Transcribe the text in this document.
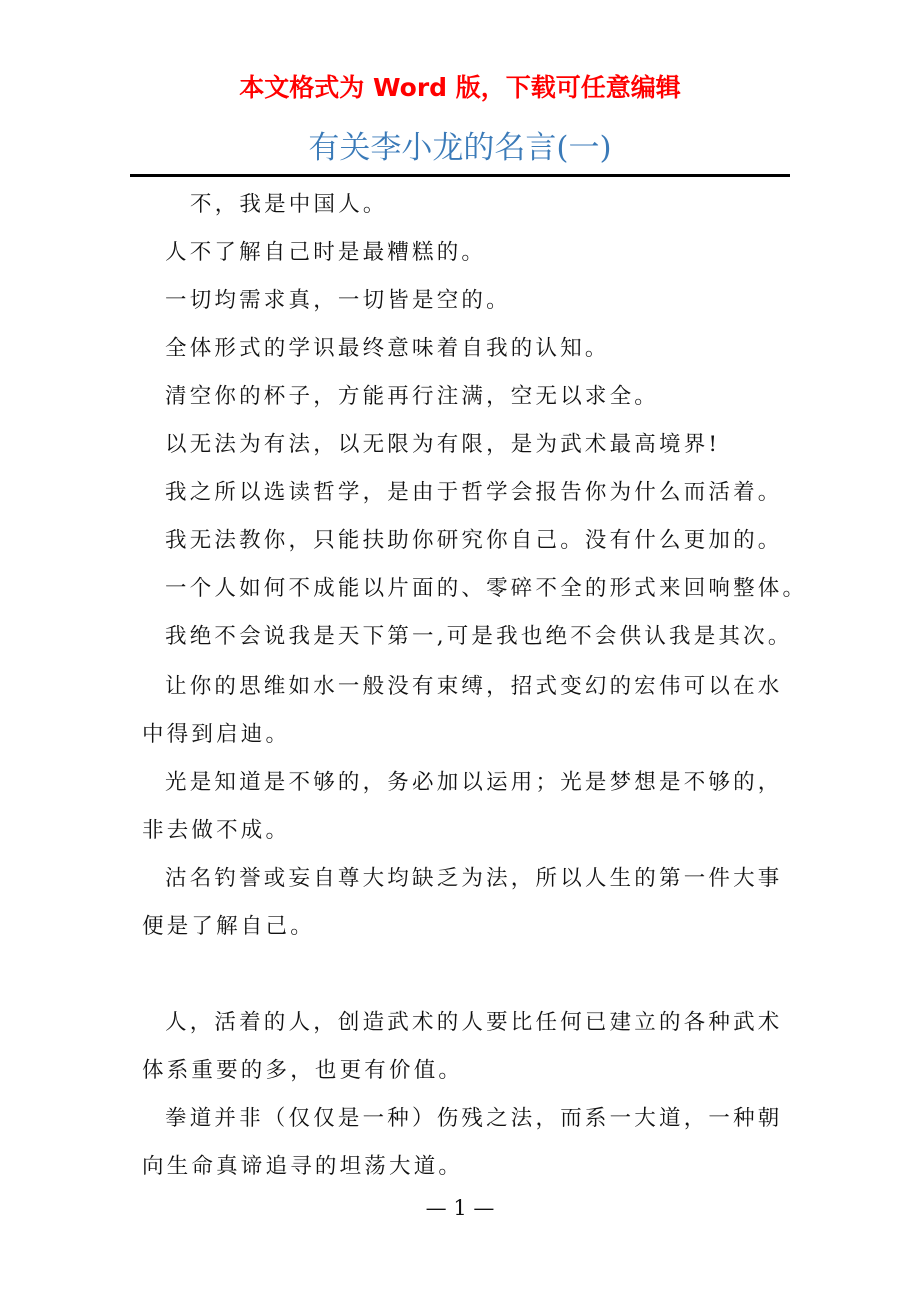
本文格式为 Word 版，下载可任意编辑
有关李小龙的名言(一)
不，我是中国人。
人不了解自己时是最糟糕的。
一切均需求真，一切皆是空的。
全体形式的学识最终意味着自我的认知。
清空你的杯子，方能再行注满，空无以求全。
以无法为有法，以无限为有限，是为武术最高境界!
我之所以选读哲学，是由于哲学会报告你为什么而活着。
我无法教你，只能扶助你研究你自己。没有什么更加的。
一个人如何不成能以片面的、零碎不全的形式来回响整体。
我绝不会说我是天下第一,可是我也绝不会供认我是其次。
让你的思维如水一般没有束缚，招式变幻的宏伟可以在水
中得到启迪。
光是知道是不够的，务必加以运用；光是梦想是不够的，
非去做不成。
沽名钓誉或妄自尊大均缺乏为法，所以人生的第一件大事
便是了解自己。
人，活着的人，创造武术的人要比任何已建立的各种武术
体系重要的多，也更有价值。
拳道并非（仅仅是一种）伤残之法，而系一大道，一种朝
向生命真谛追寻的坦荡大道。
— 1 —
